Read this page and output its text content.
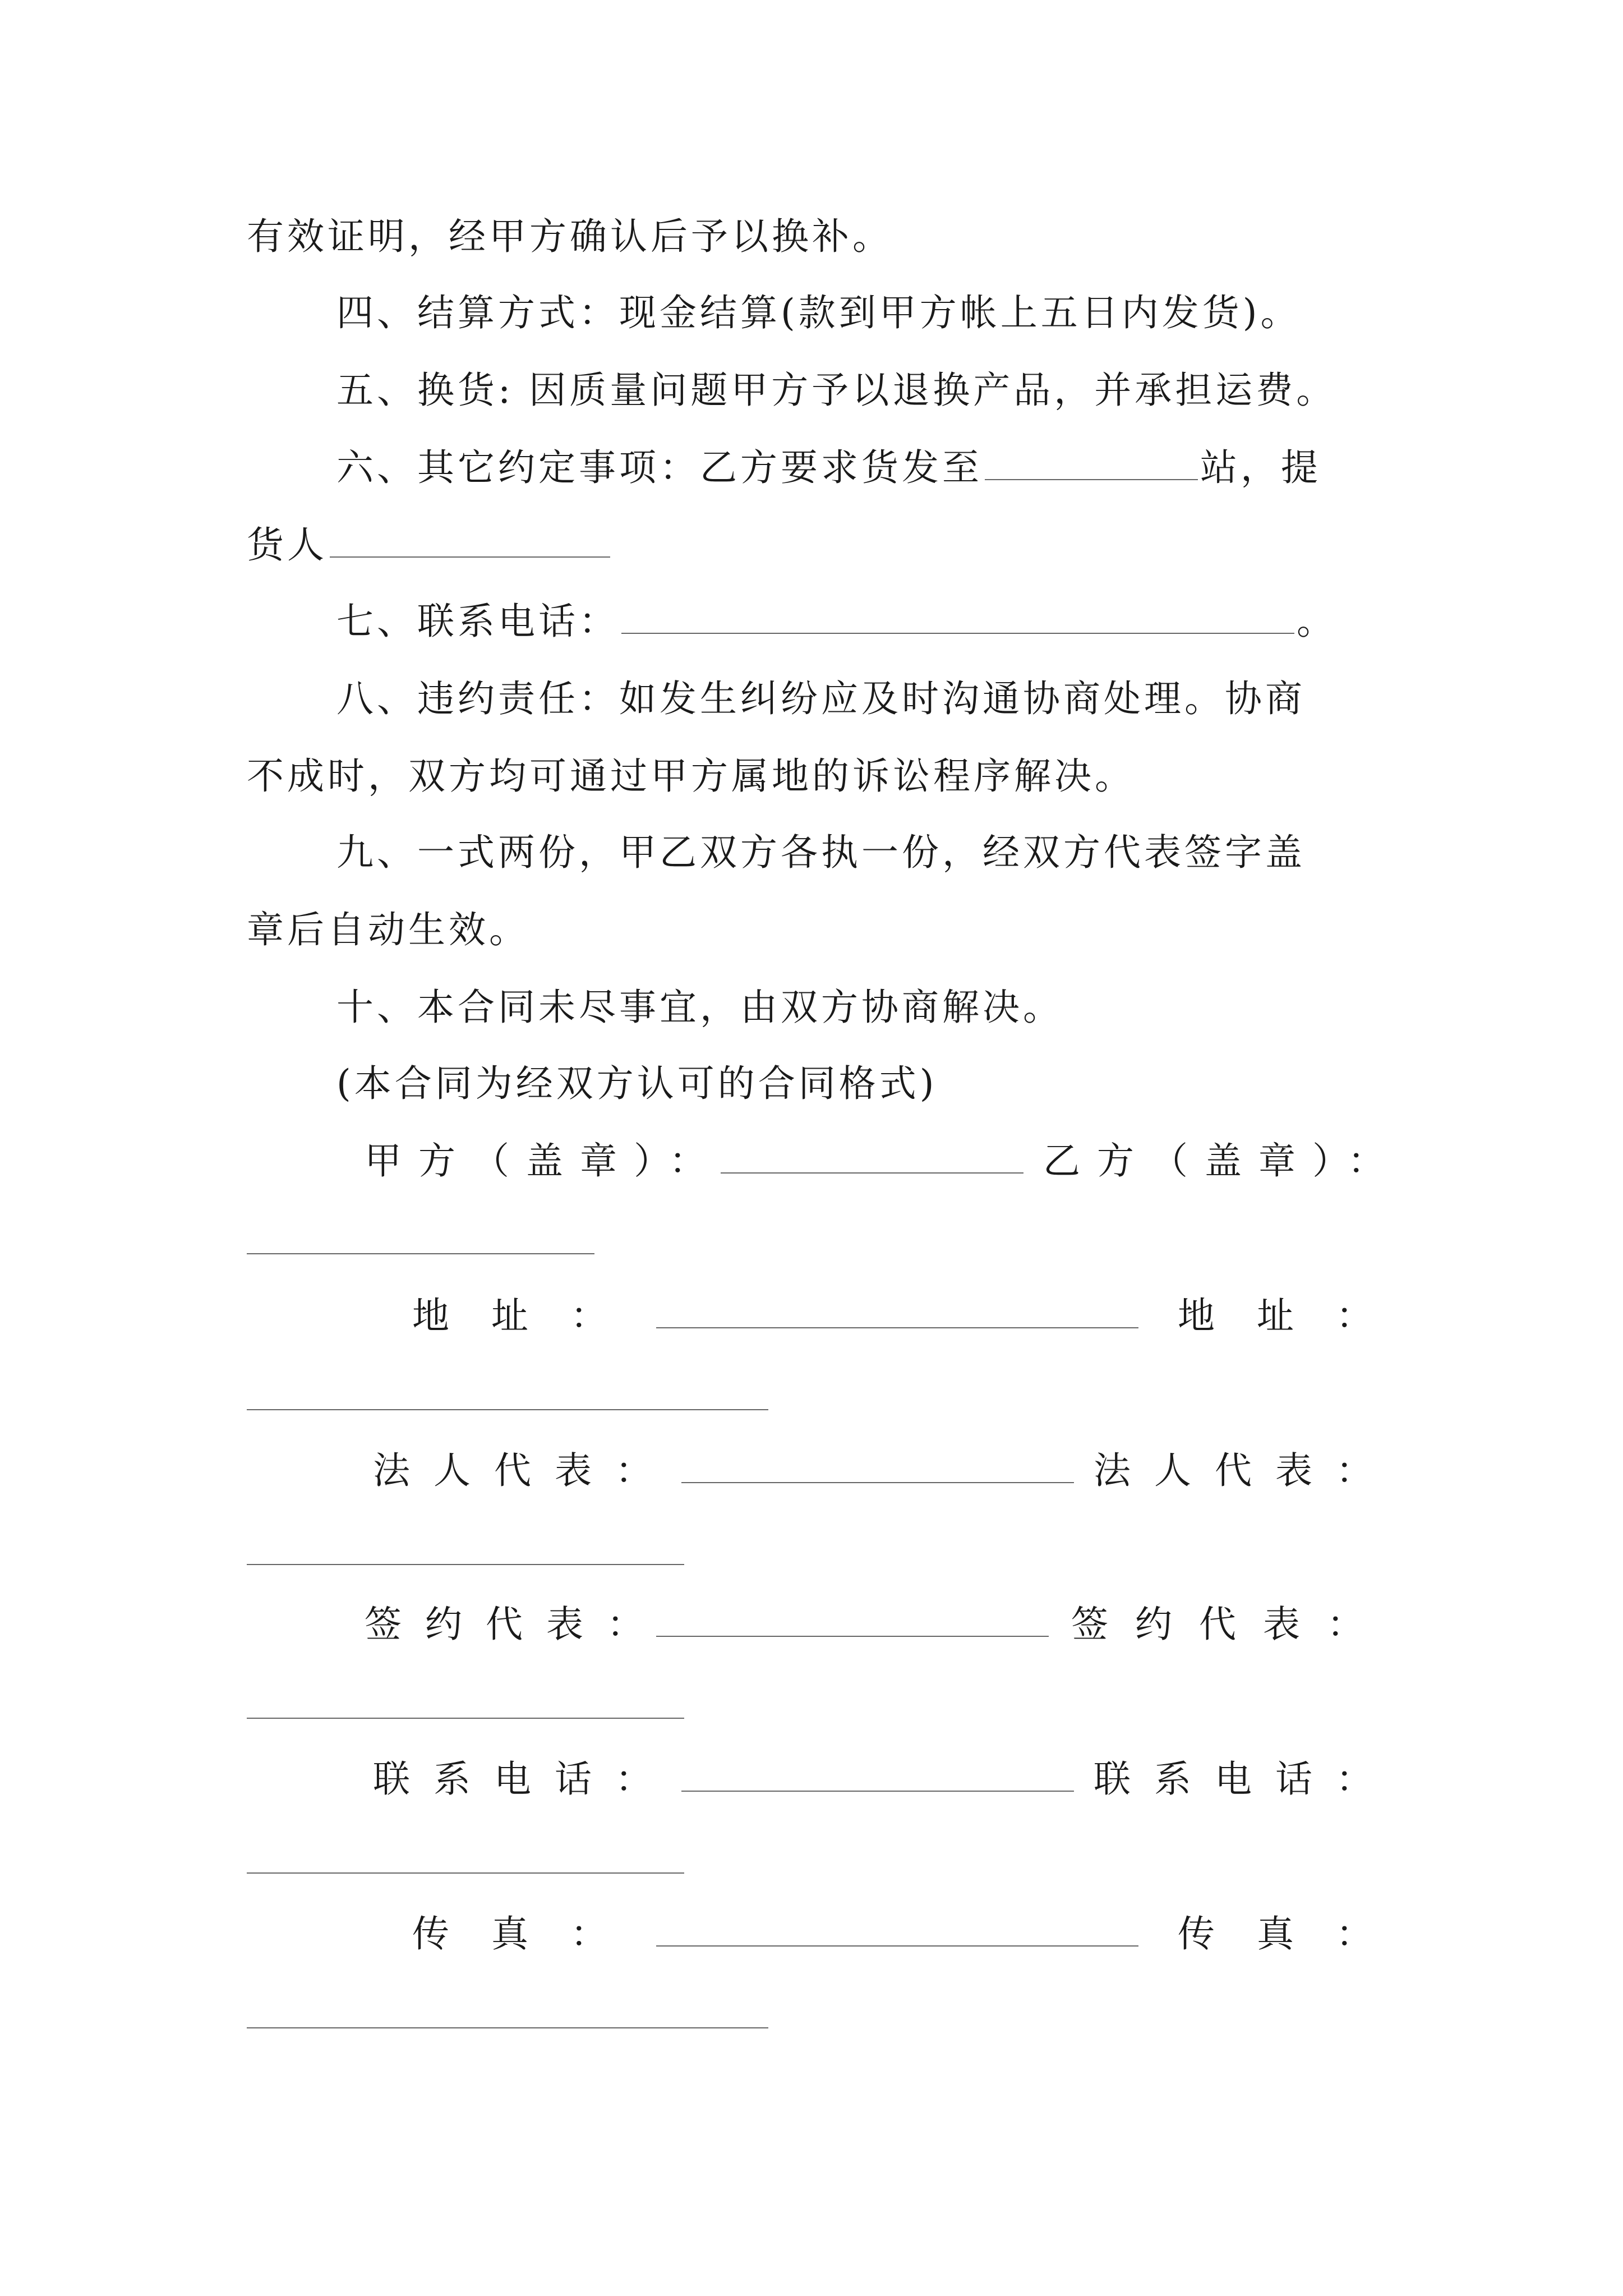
有效证明，经甲方确认后予以换补。
四、结算方式：现金结算(款到甲方帐上五日内发货)。
五、换货: 因质量问题甲方予以退换产品，并承担运费。
六、其它约定事项：乙方要求货发至	站，提
货人
七、联系电话：	。
八、违约责任：如发生纠纷应及时沟通协商处理。协商
不成时，双方均可通过甲方属地的诉讼程序解决。
九、一式两份，甲乙双方各执一份，经双方代表签字盖
章后自动生效。
十、本合同未尽事宜，由双方协商解决。
(本合同为经双方认可的合同格式)
甲方（盖章）：	乙方（盖章）：
地址：	地址：
法人代表：	法人代表：
签约代表：	签约代表：
联系电话：	联系电话：
传真：	传真：
